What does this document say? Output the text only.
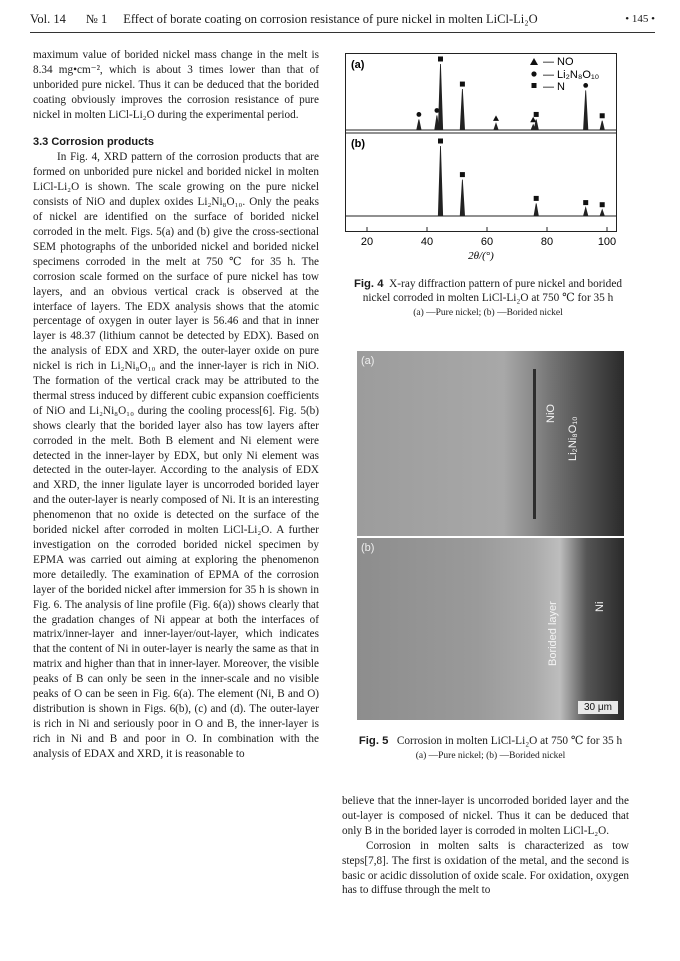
Vol. 14 № 1 Effect of borate coating on corrosion resistance of pure nickel in molten LiCl-Li₂O	• 145 •

maximum value of borided nickel mass change in the melt is 8.34 mg•cm⁻², which is about 3 times lower than that of unborided pure nickel. Thus it can be deduced that the borided coating obviously improves the corrosion resistance of pure nickel in molten LiCl-Li₂O during the experimental period.

3.3 Corrosion products

In Fig. 4, XRD pattern of the corrosion products that are formed on unborided pure nickel and borided nickel in molten LiCl-Li₂O is shown. The scale growing on the pure nickel consists of NiO and duplex oxides Li₂Ni₈O₁₀. Only the peaks of nickel are identified on the surface of borided nickel corroded in the melt. Figs. 5(a) and (b) give the cross-sectional SEM photographs of the unborided nickel and borided nickel specimens corroded in the melt at 750 ℃ for 35 h. The corrosion scale formed on the surface of pure nickel has tow layers, and an obvious vertical crack is observed at the interface of layers. The EDX analysis shows that the atomic percentage of oxygen in outer layer is 56.46 and that in inner layer is 48.37 (lithium cannot be detected by EDX). Based on the analysis of EDX and XRD, the outer-layer oxide on pure nickel is rich in Li₂Ni₈O₁₀ and the inner-layer is rich in NiO. The formation of the vertical crack may be attributed to the thermal stress induced by different cubic expansion coefficients of NiO and Li₂Ni₈O₁₀ during the cooling process[6]. Fig. 5(b) shows clearly that the borided layer also has tow layers after corroded in the melt. Both B element and Ni element were detected in the inner-layer by EDX, but only Ni element was detected in the outer-layer. According to the analysis of EDX and XRD, the inner ligulate layer is uncorroded borided layer and the outer-layer is nearly composed of Ni. It is an interesting phenomenon that no oxide is detected on the surface of the borided nickel after corroded in molten LiCl-Li₂O. A further investigation on the corroded borided nickel specimen by EPMA was carried out aiming at exploring the phenomenon more detailedly. The examination of EPMA of the corrosion layer of the borided nickel after immersion for 35 h is shown in Fig. 6. The analysis of line profile (Fig. 6(a)) shows clearly that the gradation changes of Ni appear at both the interfaces of matrix/inner-layer and inner-layer/out-layer, which indicates that the content of Ni in outer-layer is nearly the same as that in matrix and higher than that in inner-layer. Moreover, the visible peaks of B can only be seen in the inner-scale and no visible peaks of O can be seen in Fig. 6(a). The element (Ni, B and O) distribution is shown in Figs. 6(b), (c) and (d). The outer-layer is rich in Ni and seriously poor in O and B, the inner-layer is rich in Ni and B and poor in O. In combination with the analysis of EDAX and XRD, it is reasonable to

(a)
(b)
— NO
— Li₂N₈O₁₀
— N
20	40	60	80	100
2θ/(°)
Fig. 4 X-ray diffraction pattern of pure nickel and borided nickel corroded in molten LiCl-Li₂O at 750 ℃ for 35 h
(a) —Pure nickel; (b) —Borided nickel
(a)
NiO
Li₂Ni₈O₁₀
(b)
Borided layer	Ni
30 μm
Fig. 5 Corrosion in molten LiCl-Li₂O at 750 ℃ for 35 h
(a) —Pure nickel; (b) —Borided nickel

believe that the inner-layer is uncorroded borided layer and the out-layer is composed of nickel. Thus it can be deduced that only B in the borided layer is corroded in molten LiCl-L₂O.

Corrosion in molten salts is characterized as tow steps[7,8]. The first is oxidation of the metal, and the second is basic or acidic dissolution of oxide scale. For oxidation, oxygen has to diffuse through the melt to
